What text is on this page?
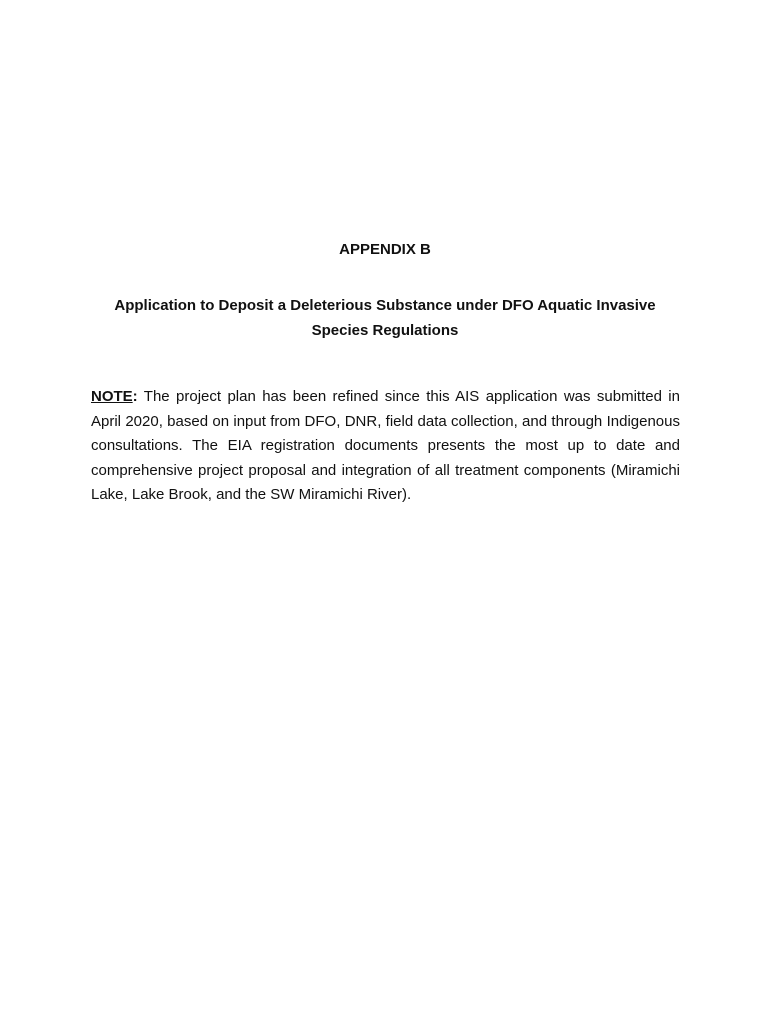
APPENDIX B
Application to Deposit a Deleterious Substance under DFO Aquatic Invasive Species Regulations

NOTE: The project plan has been refined since this AIS application was submitted in April 2020, based on input from DFO, DNR, field data collection, and through Indigenous consultations. The EIA registration documents presents the most up to date and comprehensive project proposal and integration of all treatment components (Miramichi Lake, Lake Brook, and the SW Miramichi River).
